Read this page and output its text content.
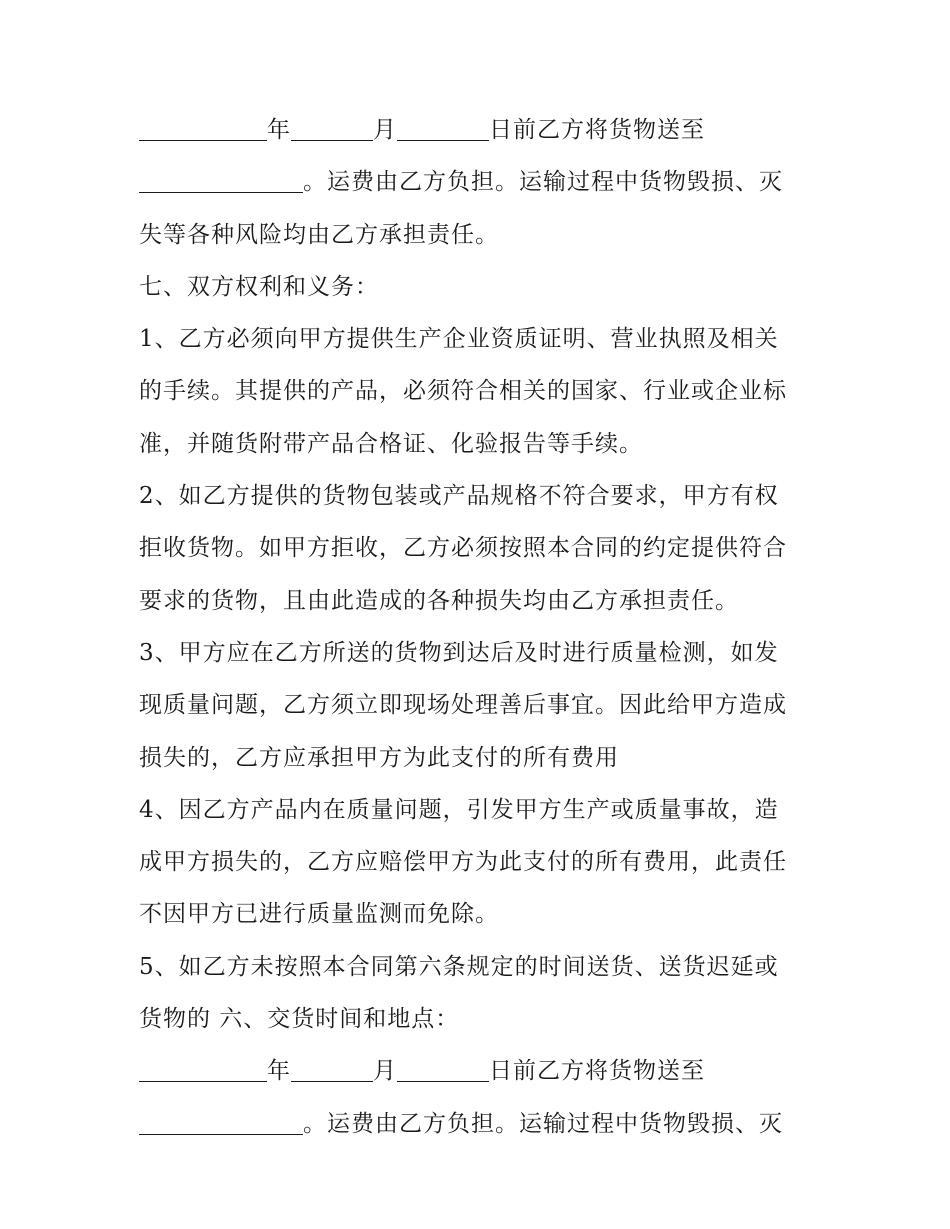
年	月	日前乙方将货物送至
。运费由乙方负担。运输过程中货物毁损、灭
失等各种风险均由乙方承担责任。
七、双方权利和义务：
1、乙方必须向甲方提供生产企业资质证明、营业执照及相关
的手续。其提供的产品，必须符合相关的国家、行业或企业标
准，并随货附带产品合格证、化验报告等手续。
2、如乙方提供的货物包装或产品规格不符合要求，甲方有权
拒收货物。如甲方拒收，乙方必须按照本合同的约定提供符合
要求的货物，且由此造成的各种损失均由乙方承担责任。
3、甲方应在乙方所送的货物到达后及时进行质量检测，如发
现质量问题，乙方须立即现场处理善后事宜。因此给甲方造成
损失的，乙方应承担甲方为此支付的所有费用
4、因乙方产品内在质量问题，引发甲方生产或质量事故，造
成甲方损失的，乙方应赔偿甲方为此支付的所有费用，此责任
不因甲方已进行质量监测而免除。
5、如乙方未按照本合同第六条规定的时间送货、送货迟延或
货物的 六、交货时间和地点：
年	月	日前乙方将货物送至
。运费由乙方负担。运输过程中货物毁损、灭
